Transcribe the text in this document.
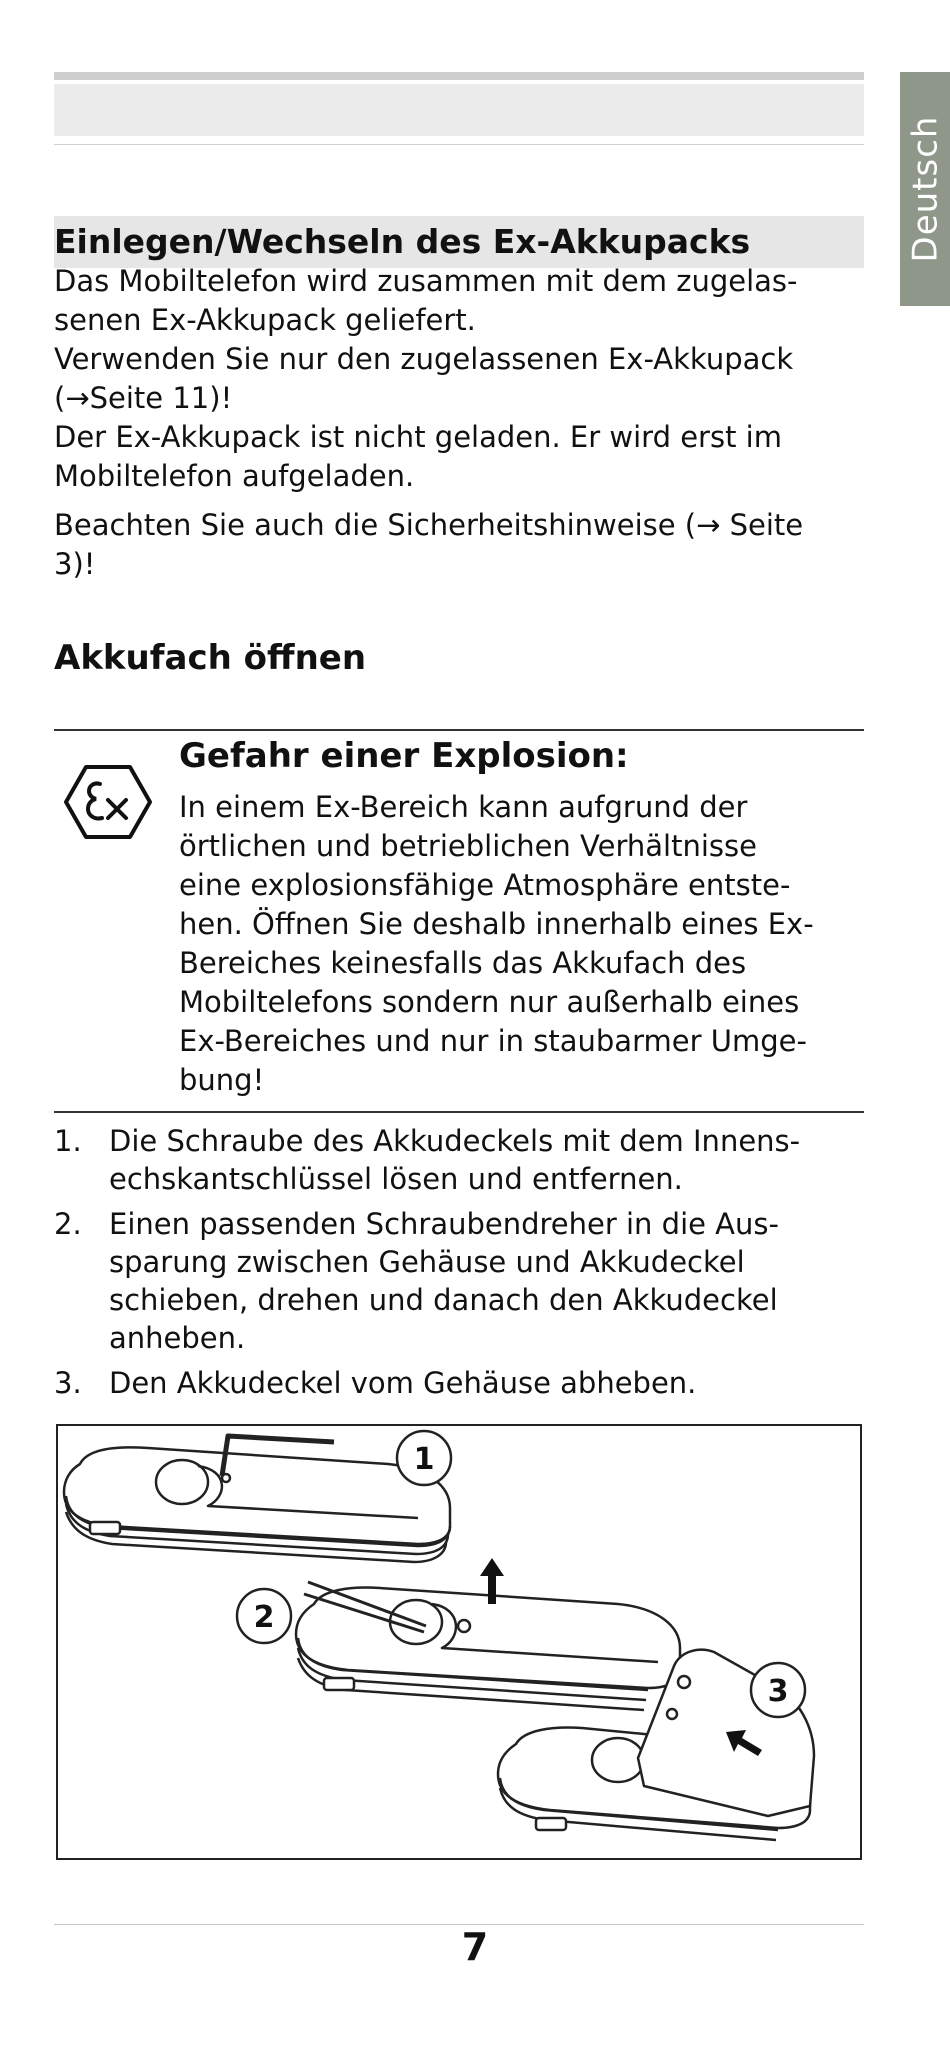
Deutsch
Einlegen/Wechseln des Ex-Akkupacks

Das Mobiltelefon wird zusammen mit dem zugelas-
senen Ex-Akkupack geliefert.
Verwenden Sie nur den zugelassenen Ex-Akkupack
(→Seite 11)!
Der Ex-Akkupack ist nicht geladen. Er wird erst im
Mobiltelefon aufgeladen.

Beachten Sie auch die Sicherheitshinweise (→ Seite
3)!

Akkufach öffnen
Gefahr einer Explosion:

In einem Ex-Bereich kann aufgrund der
örtlichen und betrieblichen Verhältnisse
eine explosionsfähige Atmosphäre entste-
hen. Öffnen Sie deshalb innerhalb eines Ex-
Bereiches keinesfalls das Akkufach des
Mobiltelefons sondern nur außerhalb eines
Ex-Bereiches und nur in staubarmer Umge-
bung!

1. Die Schraube des Akkudeckels mit dem Innens-
echskantschlüssel lösen und entfernen.
2. Einen passenden Schraubendreher in die Aus-
sparung zwischen Gehäuse und Akkudeckel
schieben, drehen und danach den Akkudeckel
anheben.
3. Den Akkudeckel vom Gehäuse abheben.
1
2
3
7
